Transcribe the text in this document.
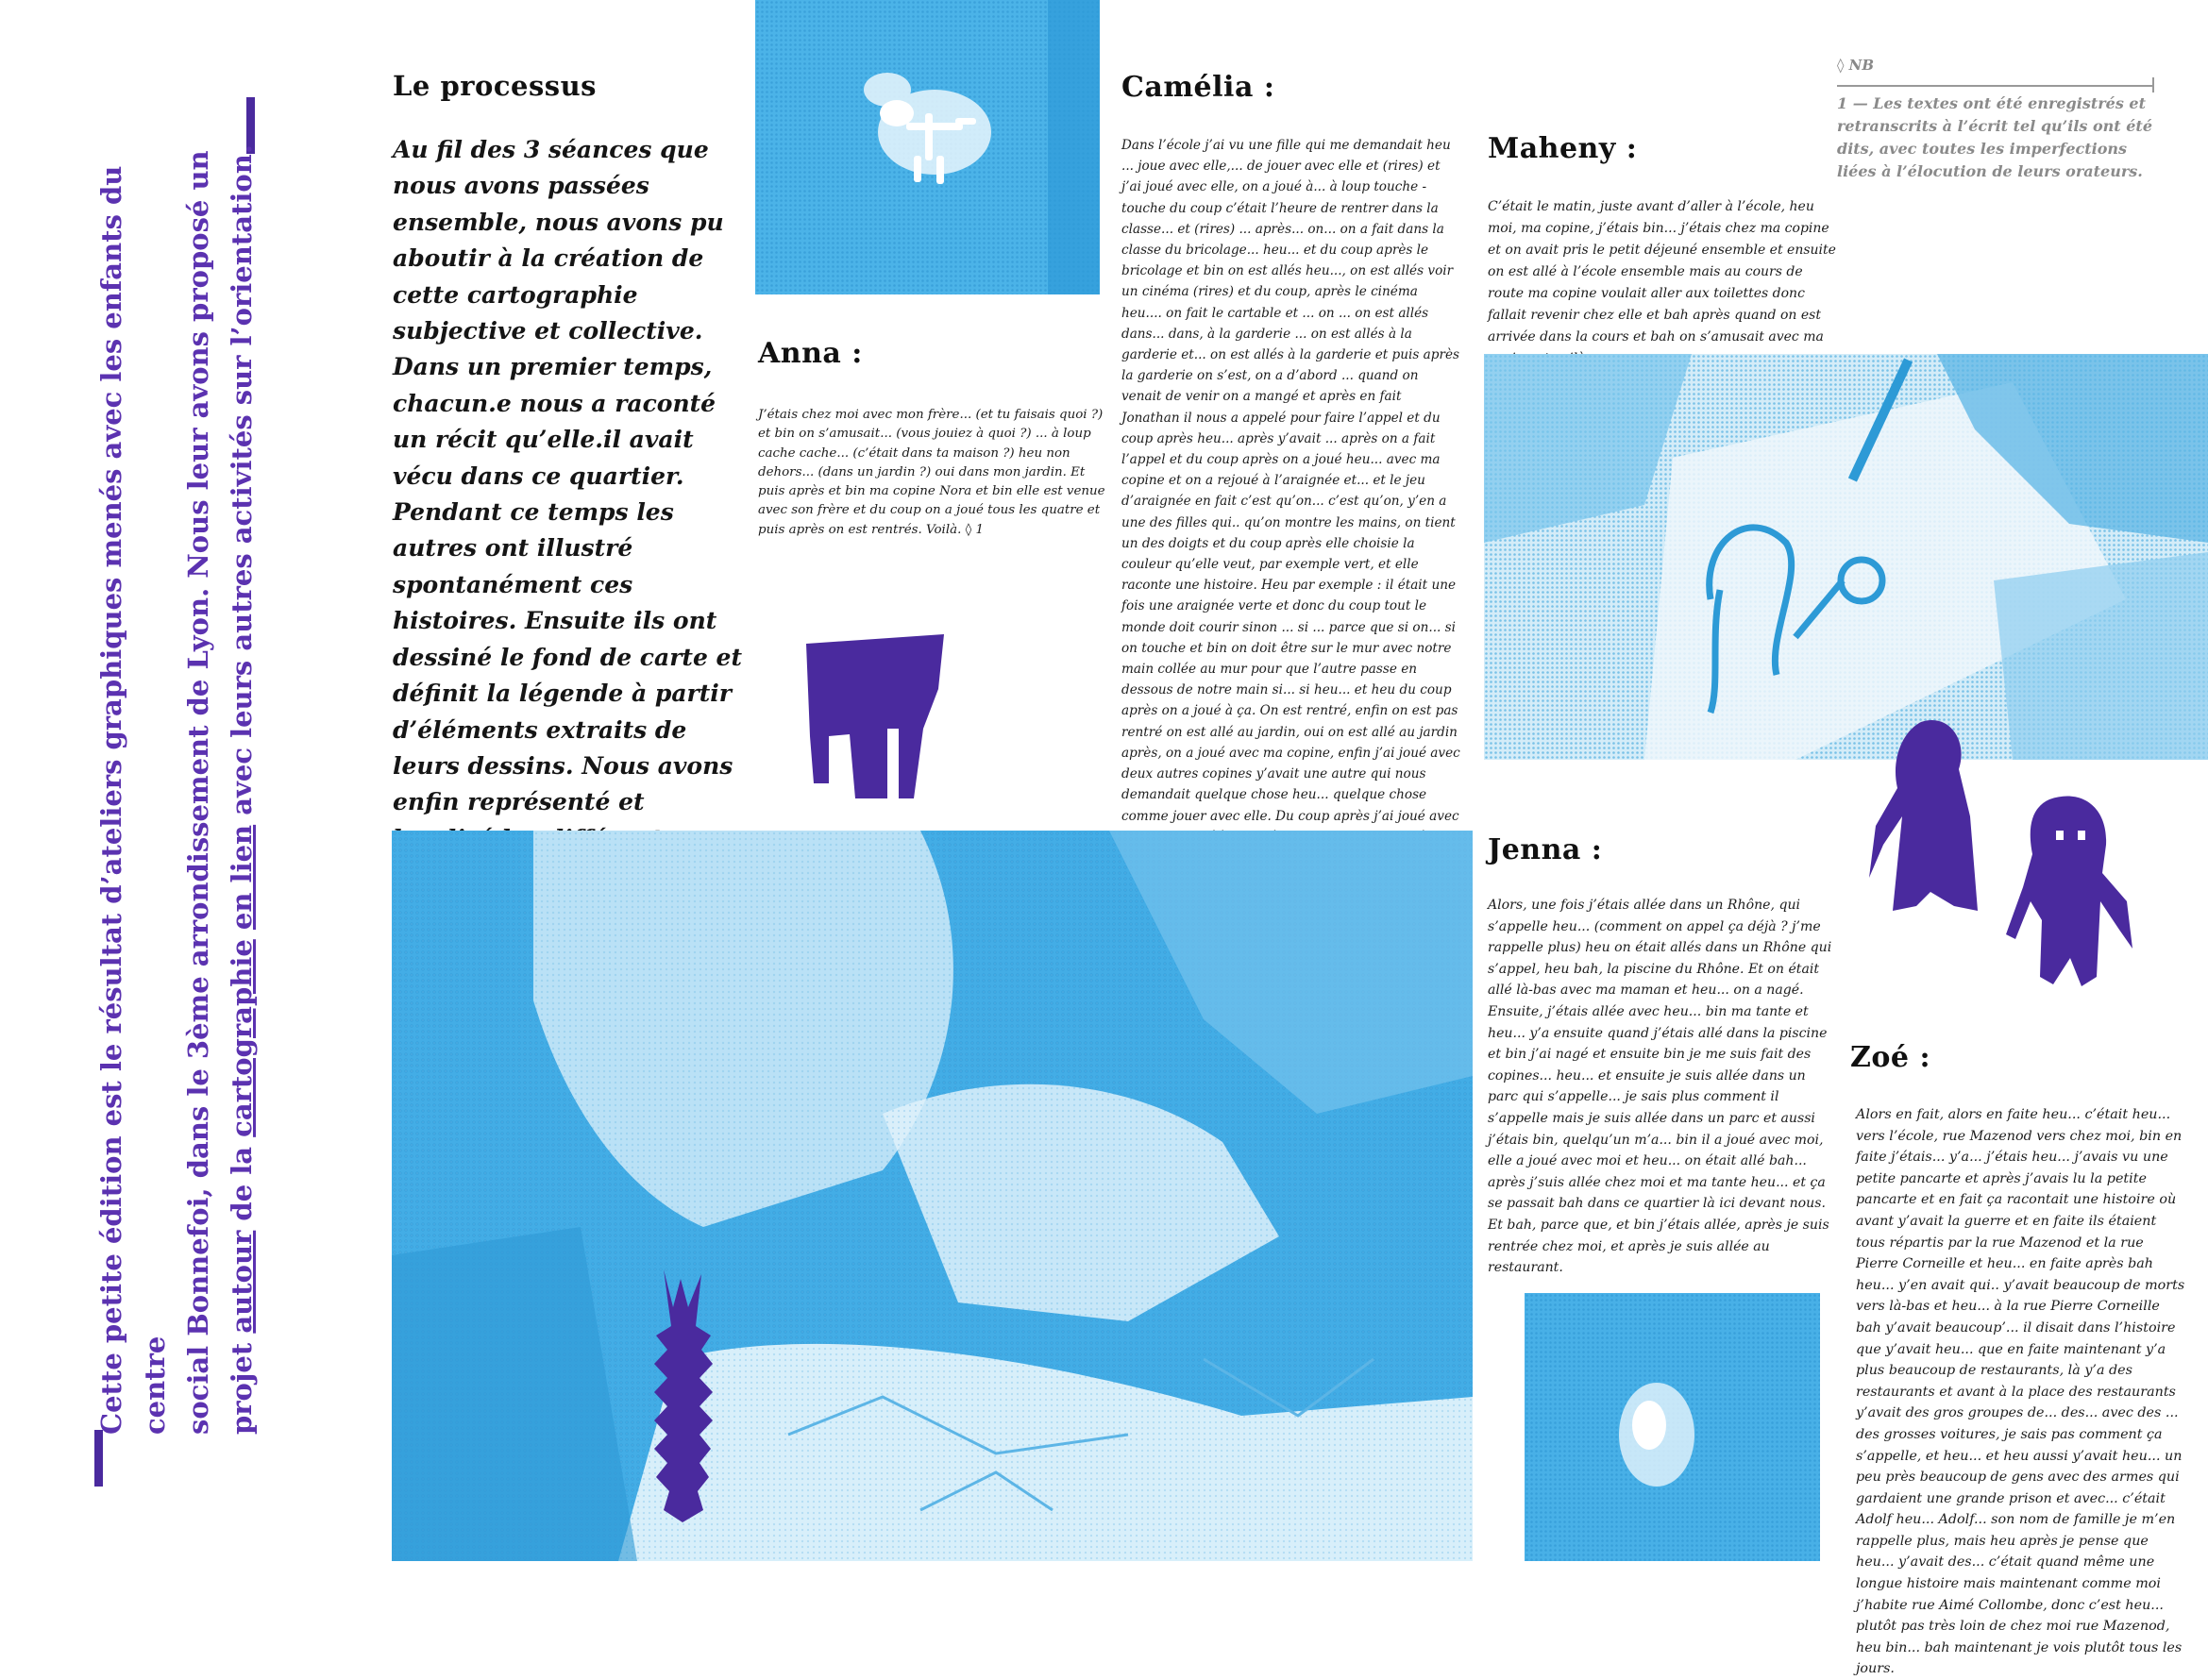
Cette petite édition est le résultat d’ateliers graphiques menés avec les enfants du centre social Bonnefoi, dans le 3ème arrondissement de Lyon. Nous leur avons proposé un projet autour de la cartographie en lien avec leurs autres activités sur l’orientation.

Le processus

Au fil des 3 séances que nous avons passées ensemble, nous avons pu aboutir à la création de cette cartographie subjective et collective. Dans un premier temps, chacun.e nous a raconté un récit qu’elle.il avait vécu dans ce quartier. Pendant ce temps les autres ont illustré spontanément ces histoires. Ensuite ils ont dessiné le fond de carte et définit la légende à partir d’éléments extraits de leurs dessins. Nous avons enfin représenté et

Anna :

J’étais chez moi avec mon frère... (et tu faisais quoi ?) et bin on s’amusait... (vous jouiez à quoi ?) ... à loup cache cache... (c’était dans ta maison ?) heu non dehors... (dans un jardin ?) oui dans mon jardin. Et puis après et bin ma copine Nora et bin elle est venue avec son frère et du coup on a joué tous les quatre et puis après on est rentrés. Voilà. ◊ 1

Camélia :

Dans l’école j’ai vu une fille qui me demandait heu ... joue avec elle,... de jouer avec elle et (rires) et j’ai joué avec elle, on a joué à... à loup touche -touche du coup c’était l’heure de rentrer dans la classe... et (rires) ... après... on... on a fait dans la classe du bricolage... heu... et du coup après le bricolage et bin on est allés heu..., on est allés voir un cinéma (rires) et du coup, après le cinéma heu.... on fait le cartable et ... on ... on est allés dans... dans, à la garderie ... on est allés à la garderie et... on est allés à la garderie et puis après la garderie on s’est, on a d’abord ... quand on venait de venir on a mangé et après en fait Jonathan il nous a appelé pour faire l’appel et du coup après heu... après y’avait ... après on a fait l’appel et du coup après on a joué heu... avec ma copine et on a rejoué à l’araignée et... et le jeu d’araignée en fait c’est qu’on... c’est qu’on, y’en a une des filles qui.. qu’on montre les mains, on tient un des doigts et du coup après elle choisie la couleur qu’elle veut, par exemple vert, et elle raconte une histoire. Heu par exemple : il était une fois une araignée verte et donc du coup tout le monde doit courir sinon ... si ... parce que si on... si on touche et bin on doit être sur le mur avec notre main collée au mur pour que l’autre passe en dessous de notre main si... si heu... et heu du coup après on a joué à ça. On est rentré, enfin on est pas rentré on est allé au jardin, oui on est allé au jardin après, on a joué avec ma copine, enfin j’ai joué avec deux autres copines y’avait une autre qui nous demandait quelque chose heu... quelque chose comme jouer avec elle. Du coup après j’ai joué avec

Maheny :

C’était le matin, juste avant d’aller à l’école, heu moi, ma copine, j’étais bin... j’étais chez ma copine et on avait pris le petit déjeuné ensemble et ensuite on est allé à l’école ensemble mais au cours de route ma copine voulait aller aux toilettes donc fallait revenir chez elle et bah après quand on est arrivée dans la cours et bah on s’amusait avec ma

◊ NB

1 — Les textes ont été enregistrés et retranscrits à l’écrit tel qu’ils ont été dits, avec toutes les imperfections liées à l’élocution de leurs orateurs.

Jenna :

Alors, une fois j’étais allée dans un Rhône, qui s’appelle heu... (comment on appel ça déjà ? j’me rappelle plus) heu on était allés dans un Rhône qui s’appel, heu bah, la piscine du Rhône. Et on était allé là-bas avec ma maman et heu... on a nagé. Ensuite, j’étais allée avec heu... bin ma tante et heu... y’a ensuite quand j’étais allé dans la piscine et bin j’ai nagé et ensuite bin je me suis fait des copines... heu... et ensuite je suis allée dans un parc qui s’appelle... je sais plus comment il s’appelle mais je suis allée dans un parc et aussi j’étais bin, quelqu’un m’a... bin il a joué avec moi, elle a joué avec moi et heu... on était allé bah... après j’suis allée chez moi et ma tante heu... et ça se passait bah dans ce quartier là ici devant nous. Et bah, parce que, et bin j’étais allée, après je suis rentrée chez moi, et après je suis allée au restaurant.

Zoé :

Alors en fait, alors en faite heu... c’était heu... vers l’école, rue Mazenod vers chez moi, bin en faite j’étais... y’a... j’étais heu... j’avais vu une petite pancarte et après j’avais lu la petite pancarte et en fait ça racontait une histoire où avant y’avait la guerre et en faite ils étaient tous répartis par la rue Mazenod et la rue Pierre Corneille et heu... en faite après bah heu... y’en avait qui.. y’avait beaucoup de morts vers là-bas et heu... à la rue Pierre Corneille bah y’avait beaucoup’... il disait dans l’histoire que y’avait heu... que en faite maintenant y’a plus beaucoup de restaurants, là y’a des restaurants et avant à la place des restaurants y’avait des gros groupes de... des... avec des ... des grosses voitures, je sais pas comment ça s’appelle, et heu... et heu aussi y’avait heu... un peu près beaucoup de gens avec des armes qui gardaient une grande prison et avec... c’était Adolf heu... Adolf... son nom de famille je m’en rappelle plus, mais heu après je pense que heu... y’avait des... c’était quand même une longue histoire mais maintenant comme moi j’habite rue Aimé Collombe, donc c’est heu... plutôt pas très loin de chez moi rue Mazenod, heu bin... bah maintenant je vois plutôt tous les jours.
